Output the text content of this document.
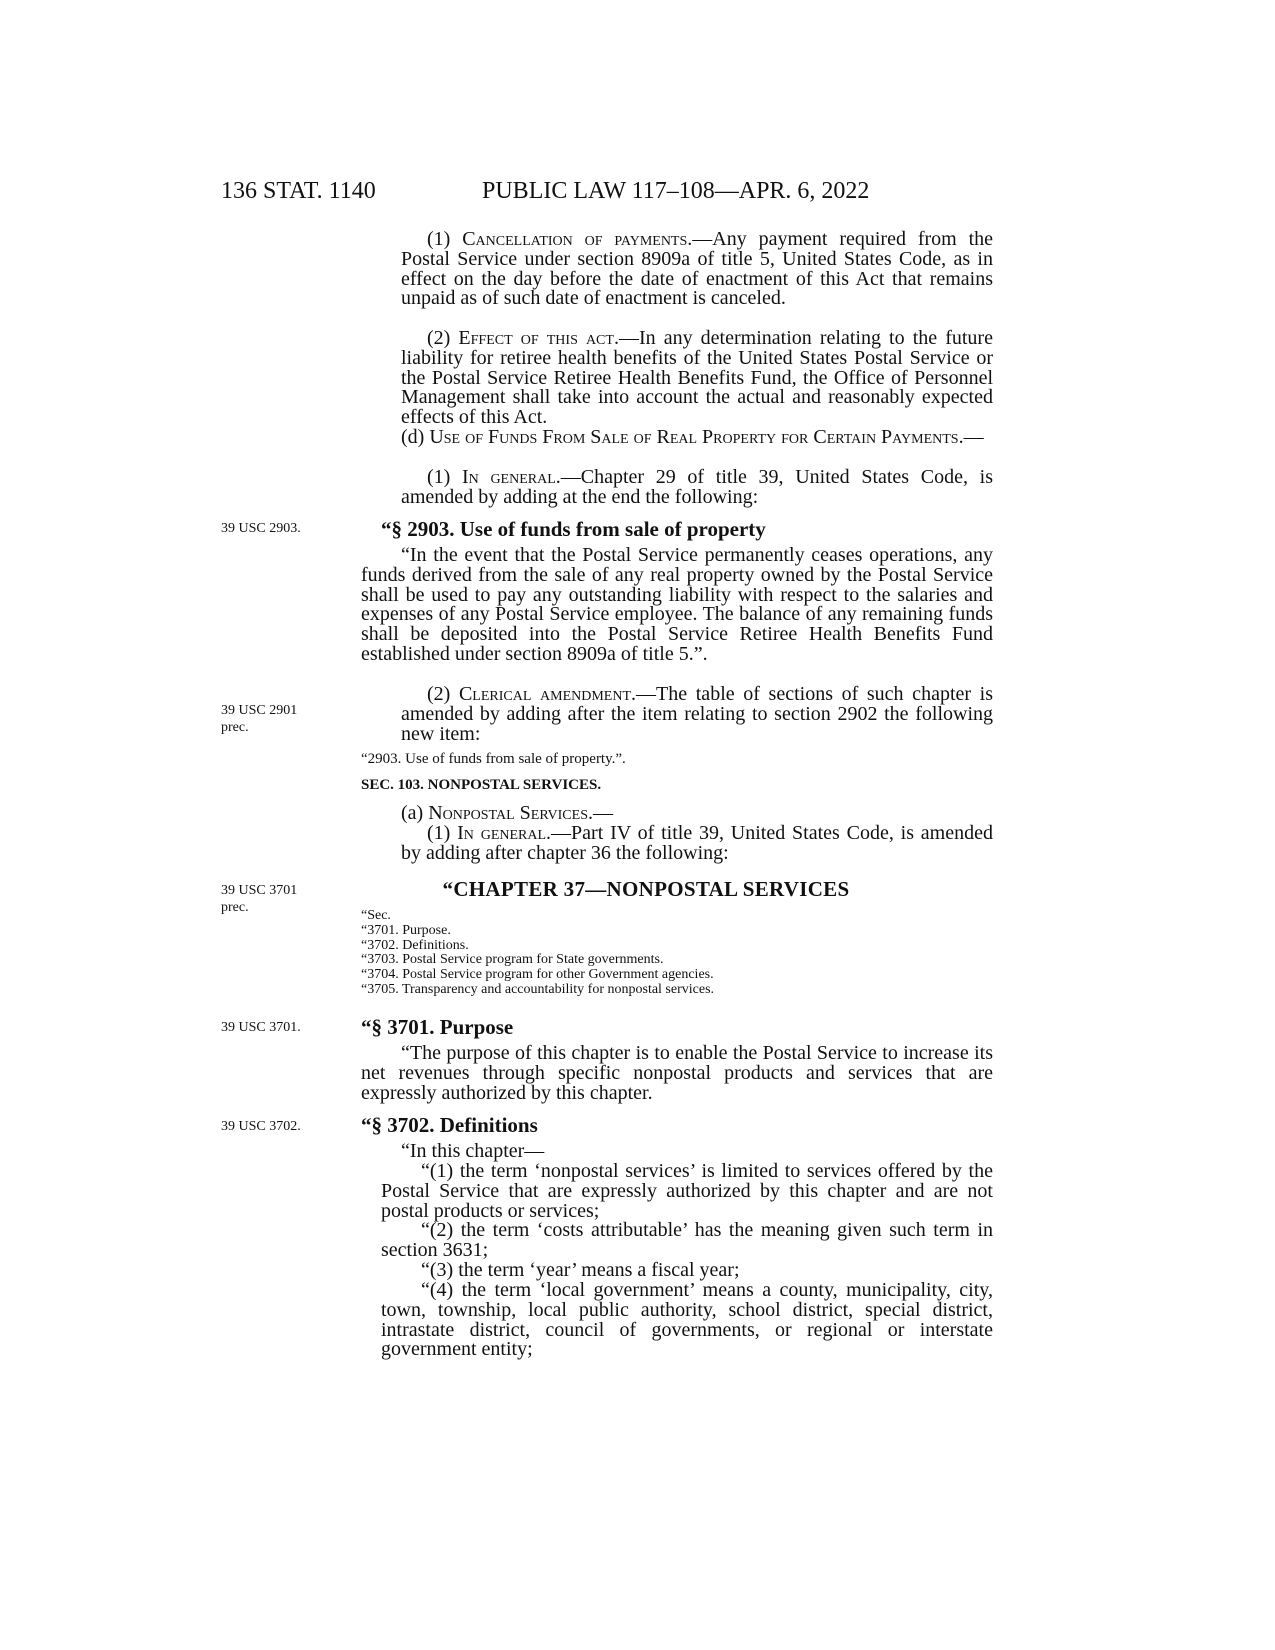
136 STAT. 1140	PUBLIC LAW 117–108—APR. 6, 2022

(1) Cancellation of payments.—Any payment required from the Postal Service under section 8909a of title 5, United States Code, as in effect on the day before the date of enactment of this Act that remains unpaid as of such date of enactment is canceled.

(2) Effect of this act.—In any determination relating to the future liability for retiree health benefits of the United States Postal Service or the Postal Service Retiree Health Benefits Fund, the Office of Personnel Management shall take into account the actual and reasonably expected effects of this Act.

(d) Use of Funds From Sale of Real Property for Certain Payments.—

(1) In general.—Chapter 29 of title 39, United States Code, is amended by adding at the end the following:

39 USC 2903.	“§ 2903. Use of funds from sale of property

“In the event that the Postal Service permanently ceases operations, any funds derived from the sale of any real property owned by the Postal Service shall be used to pay any outstanding liability with respect to the salaries and expenses of any Postal Service employee. The balance of any remaining funds shall be deposited into the Postal Service Retiree Health Benefits Fund established under section 8909a of title 5.”.

39 USC 2901
prec.

(2) Clerical amendment.—The table of sections of such chapter is amended by adding after the item relating to section 2902 the following new item:

“2903. Use of funds from sale of property.”.
SEC. 103. NONPOSTAL SERVICES.

(a) Nonpostal Services.—

(1) In general.—Part IV of title 39, United States Code, is amended by adding after chapter 36 the following:

39 USC 3701
prec.
“CHAPTER 37—NONPOSTAL SERVICES
“Sec.
“3701. Purpose.
“3702. Definitions.
“3703. Postal Service program for State governments.
“3704. Postal Service program for other Government agencies.
“3705. Transparency and accountability for nonpostal services.
39 USC 3701.	“§ 3701. Purpose

“The purpose of this chapter is to enable the Postal Service to increase its net revenues through specific nonpostal products and services that are expressly authorized by this chapter.

39 USC 3702.	“§ 3702. Definitions

“In this chapter—

“(1) the term ‘nonpostal services’ is limited to services offered by the Postal Service that are expressly authorized by this chapter and are not postal products or services;

“(2) the term ‘costs attributable’ has the meaning given such term in section 3631;

“(3) the term ‘year’ means a fiscal year;

“(4) the term ‘local government’ means a county, municipality, city, town, township, local public authority, school district, special district, intrastate district, council of governments, or regional or interstate government entity;
